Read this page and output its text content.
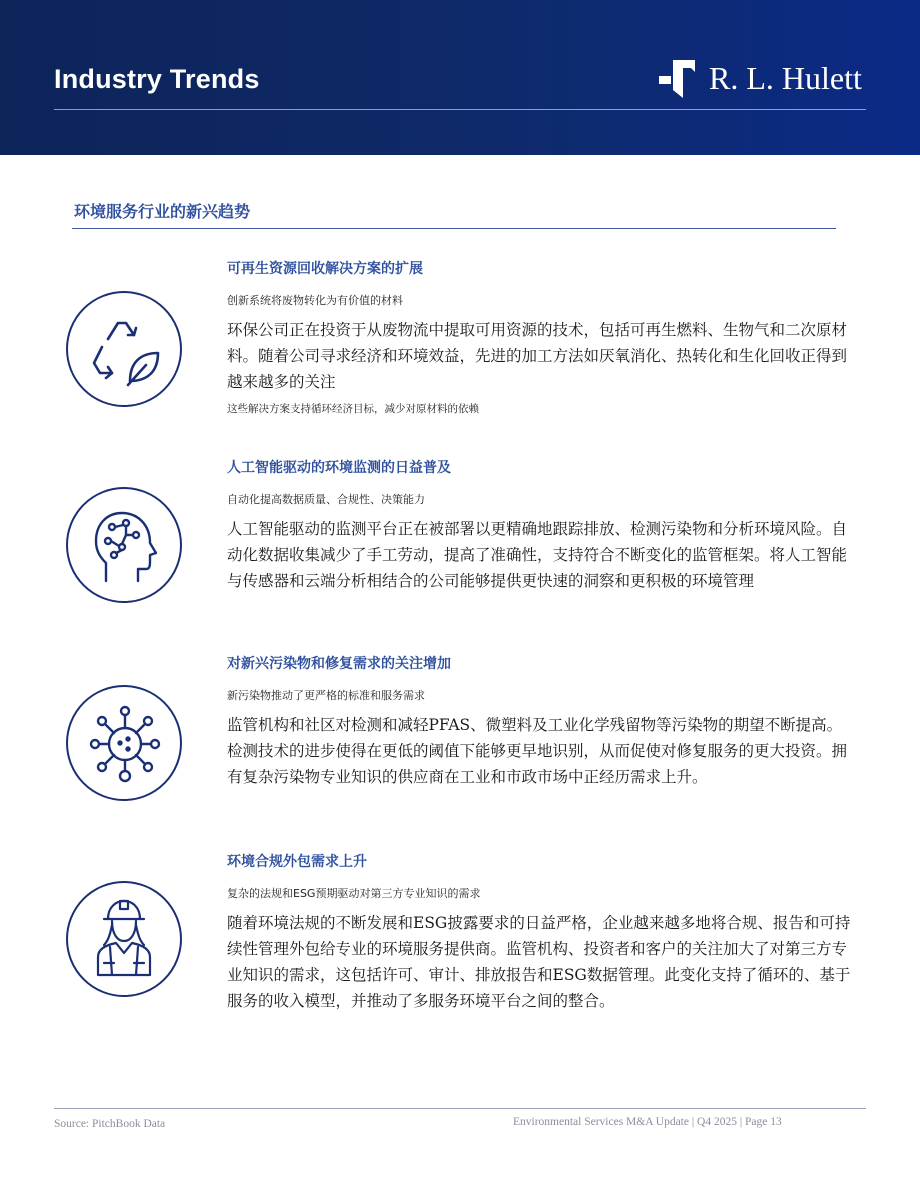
Industry Trends	R. L. Hulett
环境服务行业的新兴趋势
可再生资源回收解决方案的扩展
创新系统将废物转化为有价值的材料
环保公司正在投资于从废物流中提取可用资源的技术，包括可再生燃料、生物气和二次原材料。随着公司寻求经济和环境效益，先进的加工方法如厌氧消化、热转化和生化回收正得到越来越多的关注
这些解决方案支持循环经济目标，减少对原材料的依赖
人工智能驱动的环境监测的日益普及
自动化提高数据质量、合规性、决策能力
人工智能驱动的监测平台正在被部署以更精确地跟踪排放、检测污染物和分析环境风险。自动化数据收集减少了手工劳动，提高了准确性，支持符合不断变化的监管框架。将人工智能与传感器和云端分析相结合的公司能够提供更快速的洞察和更积极的环境管理
对新兴污染物和修复需求的关注增加
新污染物推动了更严格的标准和服务需求
监管机构和社区对检测和减轻PFAS、微塑料及工业化学残留物等污染物的期望不断提高。检测技术的进步使得在更低的阈值下能够更早地识别，从而促使对修复服务的更大投资。拥有复杂污染物专业知识的供应商在工业和市政市场中正经历需求上升。
环境合规外包需求上升
复杂的法规和ESG预期驱动对第三方专业知识的需求
随着环境法规的不断发展和ESG披露要求的日益严格，企业越来越多地将合规、报告和可持续性管理外包给专业的环境服务提供商。监管机构、投资者和客户的关注加大了对第三方专业知识的需求，这包括许可、审计、排放报告和ESG数据管理。此变化支持了循环的、基于服务的收入模型，并推动了多服务环境平台之间的整合。
Source: PitchBook Data	Environmental Services M&A Update | Q4 2025 | Page 13
